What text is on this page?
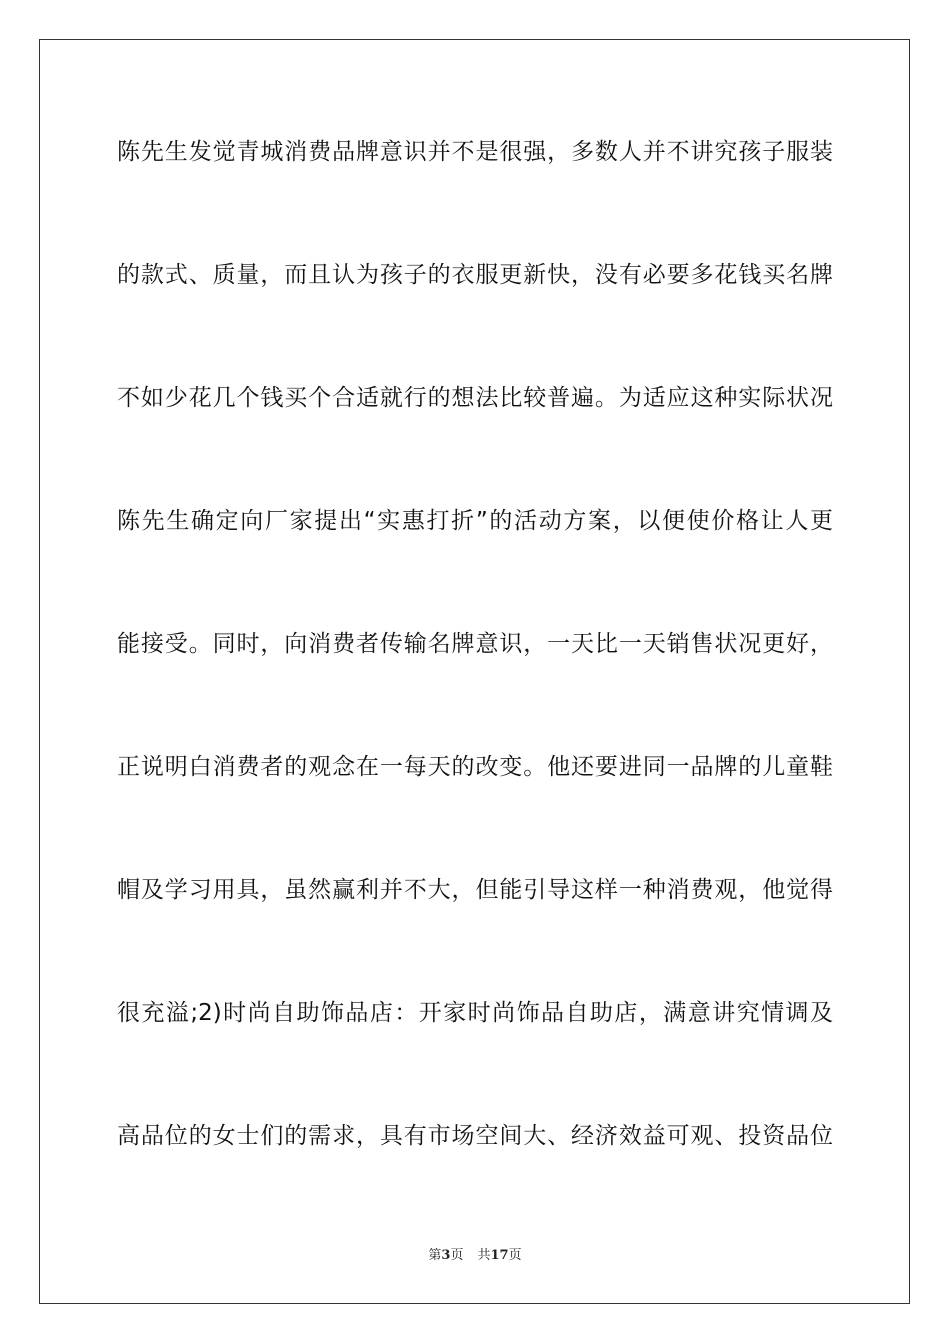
陈先生发觉青城消费品牌意识并不是很强，多数人并不讲究孩子服装
的款式、质量，而且认为孩子的衣服更新快，没有必要多花钱买名牌
不如少花几个钱买个合适就行的想法比较普遍。为适应这种实际状况
陈先生确定向厂家提出“实惠打折”的活动方案，以便使价格让人更
能接受。同时，向消费者传输名牌意识，一天比一天销售状况更好，
正说明白消费者的观念在一每天的改变。他还要进同一品牌的儿童鞋
帽及学习用具，虽然赢利并不大，但能引导这样一种消费观，他觉得
很充溢;2)时尚自助饰品店：开家时尚饰品自助店，满意讲究情调及
高品位的女士们的需求，具有市场空间大、经济效益可观、投资品位
第3页 共17页
